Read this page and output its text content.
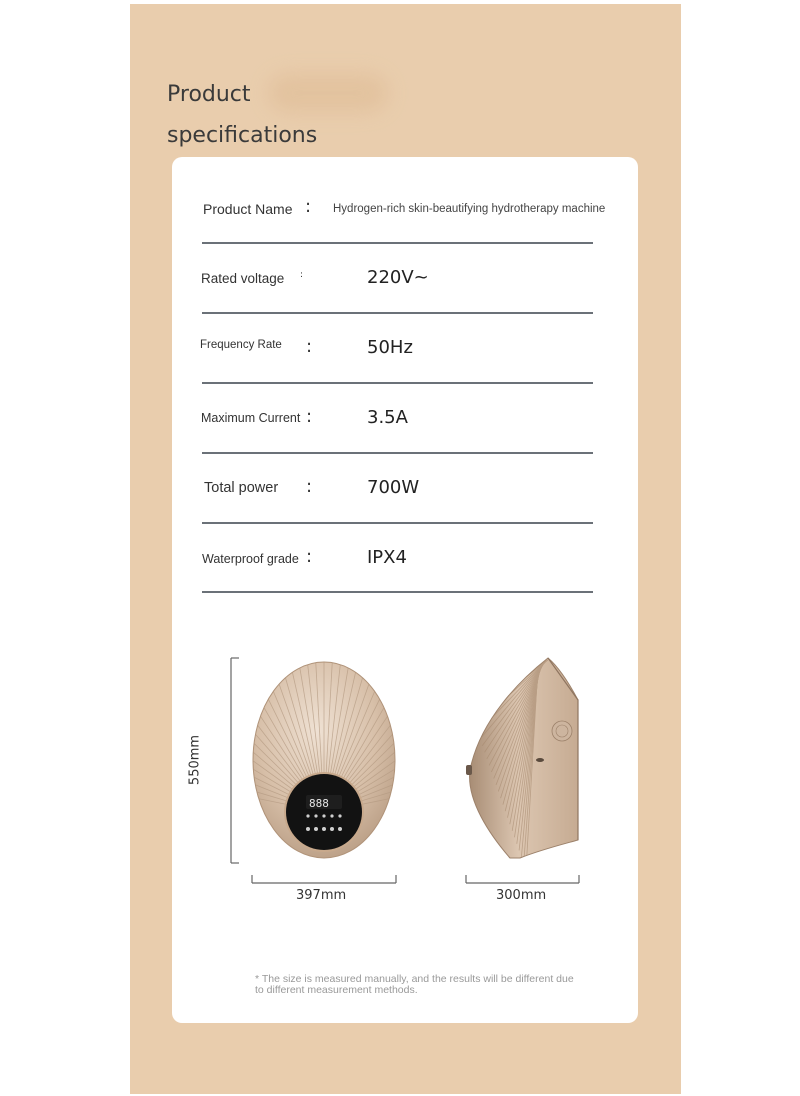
Product
specifications
Product Name : Hydrogen-rich skin-beautifying hydrotherapy machine
Rated voltage :	220V~
Frequency Rate :	50Hz
Maximum Current :	3.5A
Total power :	700W
Waterproof grade :	IPX4
888
550mm
397mm	300mm
* The size is measured manually, and the results will be different due to different measurement methods.
